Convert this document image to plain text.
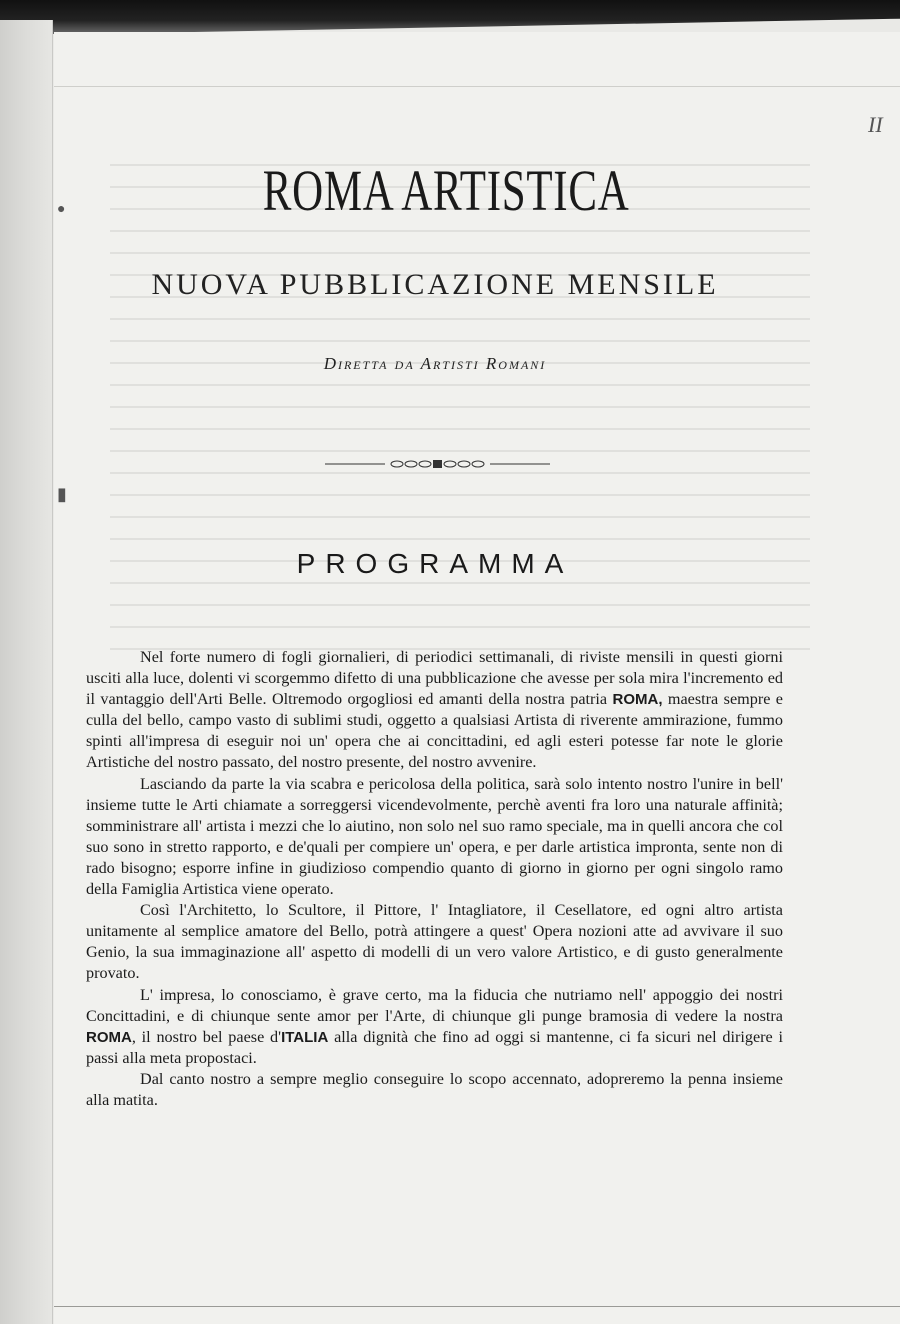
●
▮
II
ROMA ARTISTICA
NUOVA PUBBLICAZIONE MENSILE
Diretta da Artisti Romani
PROGRAMMA

Nel forte numero di fogli giornalieri, di periodici settimanali, di riviste mensili in questi giorni usciti alla luce, dolenti vi scorgemmo difetto di una pubblicazione che avesse per sola mira l'incremento ed il vantaggio dell'Arti Belle. Oltremodo orgogliosi ed amanti della nostra patria ROMA, maestra sempre e culla del bello, campo vasto di sublimi studi, oggetto a qualsiasi Artista di riverente ammirazione, fummo spinti all'impresa di eseguir noi un' opera che ai concittadini, ed agli esteri potesse far note le glorie Artistiche del nostro passato, del nostro presente, del nostro avvenire.

Lasciando da parte la via scabra e pericolosa della politica, sarà solo intento nostro l'unire in bell' insieme tutte le Arti chiamate a sorreggersi vicendevolmente, perchè aventi fra loro una naturale affinità; somministrare all' artista i mezzi che lo aiutino, non solo nel suo ramo speciale, ma in quelli ancora che col suo sono in stretto rapporto, e de'quali per compiere un' opera, e per darle artistica impronta, sente non di rado bisogno; esporre infine in giudizioso compendio quanto di giorno in giorno per ogni singolo ramo della Famiglia Artistica viene operato.

Così l'Architetto, lo Scultore, il Pittore, l' Intagliatore, il Cesellatore, ed ogni altro artista unitamente al semplice amatore del Bello, potrà attingere a quest' Opera nozioni atte ad avvivare il suo Genio, la sua immaginazione all' aspetto di modelli di un vero valore Artistico, e di gusto generalmente provato.

L' impresa, lo conosciamo, è grave certo, ma la fiducia che nutriamo nell' appoggio dei nostri Concittadini, e di chiunque sente amor per l'Arte, di chiunque gli punge bramosia di vedere la nostra ROMA, il nostro bel paese d'ITALIA alla dignità che fino ad oggi si mantenne, ci fa sicuri nel dirigere i passi alla meta propostaci.

Dal canto nostro a sempre meglio conseguire lo scopo accennato, adopreremo la penna insieme alla matita.
